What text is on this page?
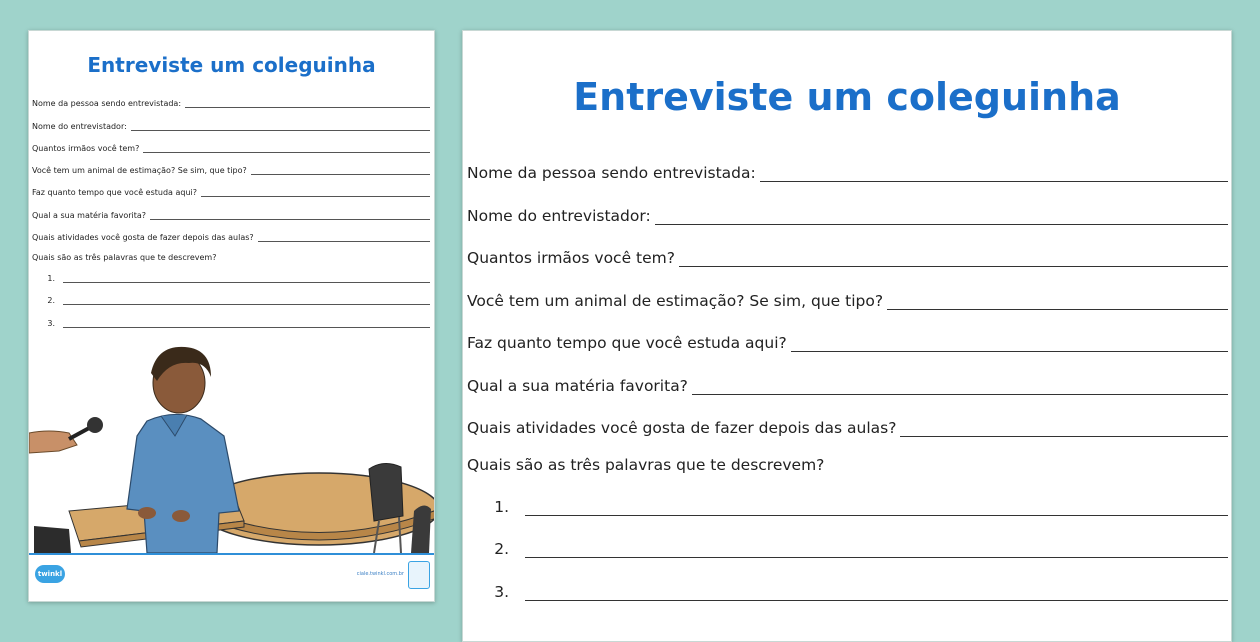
Entreviste um coleguinha
Nome da pessoa sendo entrevistada:
Nome do entrevistador:
Quantos irmãos você tem?
Você tem um animal de estimação? Se sim, que tipo?
Faz quanto tempo que você estuda aqui?
Qual a sua matéria favorita?
Quais atividades você gosta de fazer depois das aulas?
Quais são as três palavras que te descrevem?
1.
2.
3.
twinkl	ciale.twinkl.com.br
Entreviste um coleguinha
Nome da pessoa sendo entrevistada:
Nome do entrevistador:
Quantos irmãos você tem?
Você tem um animal de estimação? Se sim, que tipo?
Faz quanto tempo que você estuda aqui?
Qual a sua matéria favorita?
Quais atividades você gosta de fazer depois das aulas?
Quais são as três palavras que te descrevem?
1.
2.
3.
